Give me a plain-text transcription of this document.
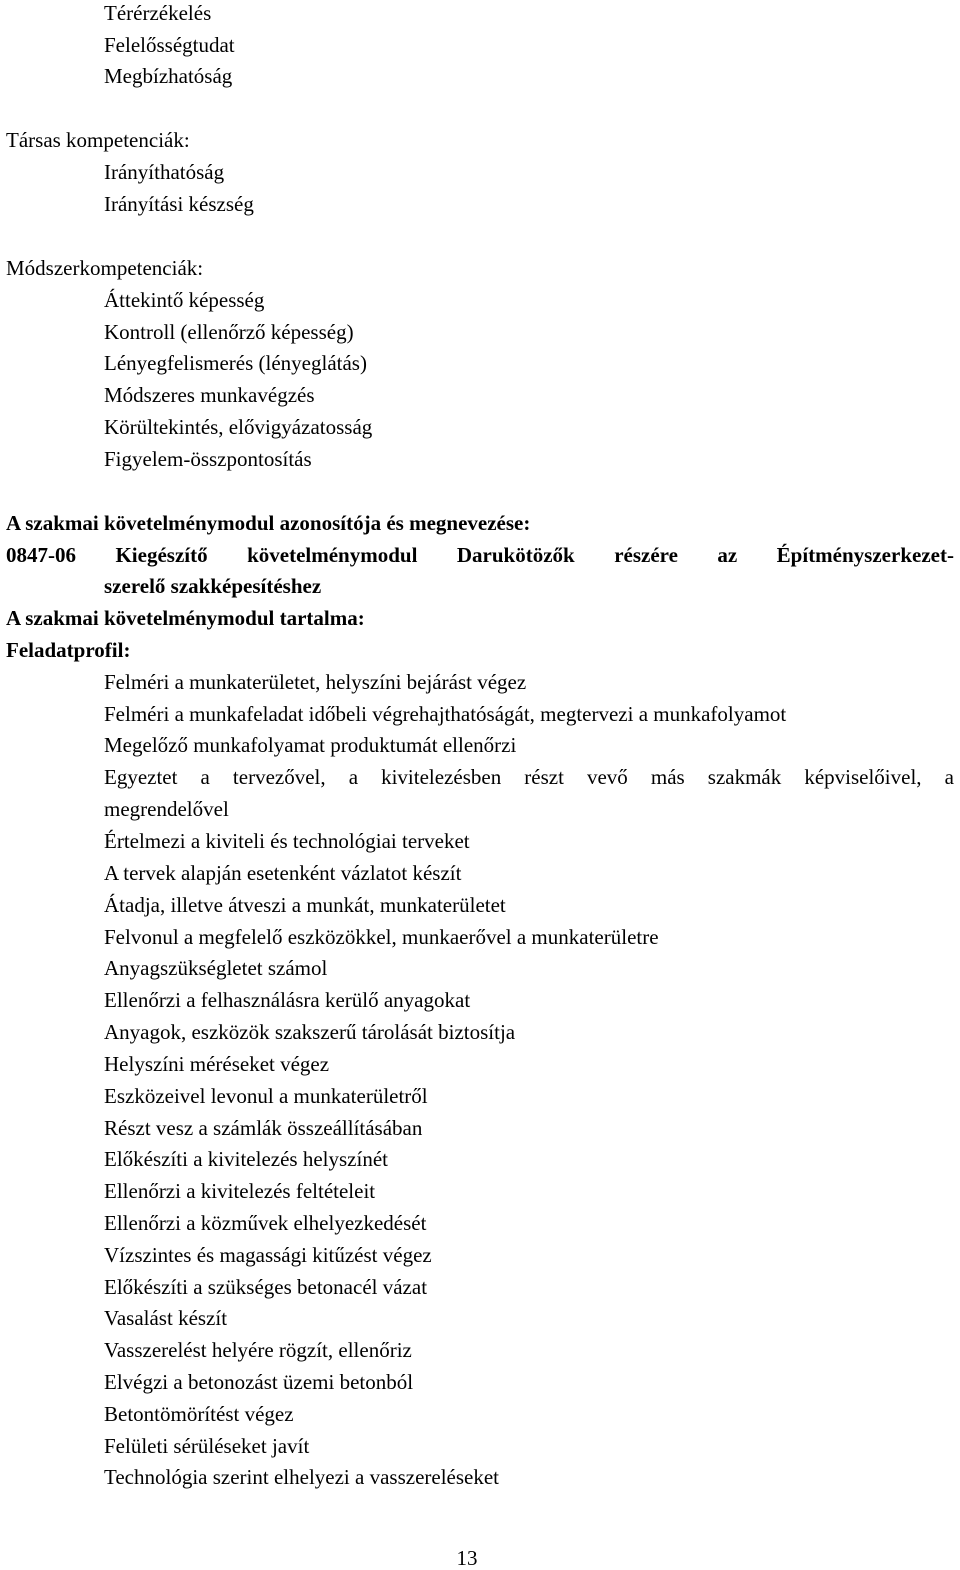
Térérzékelés
Felelősségtudat
Megbízhatóság
Társas kompetenciák:
Irányíthatóság
Irányítási készség
Módszerkompetenciák:
Áttekintő képesség
Kontroll (ellenőrző képesség)
Lényegfelismerés (lényeglátás)
Módszeres munkavégzés
Körültekintés, elővigyázatosság
Figyelem-összpontosítás
A szakmai követelménymodul azonosítója és megnevezése:
0847-06 Kiegészítő követelménymodul Darukötözők részére az Építményszerkezet-
szerelő szakképesítéshez
A szakmai követelménymodul tartalma:
Feladatprofil:
Felméri a munkaterületet, helyszíni bejárást végez
Felméri a munkafeladat időbeli végrehajthatóságát, megtervezi a munkafolyamot
Megelőző munkafolyamat produktumát ellenőrzi
Egyeztet a tervezővel, a kivitelezésben részt vevő más szakmák képviselőivel, a
megrendelővel
Értelmezi a kiviteli és technológiai terveket
A tervek alapján esetenként vázlatot készít
Átadja, illetve átveszi a munkát, munkaterületet
Felvonul a megfelelő eszközökkel, munkaerővel a munkaterületre
Anyagszükségletet számol
Ellenőrzi a felhasználásra kerülő anyagokat
Anyagok, eszközök szakszerű tárolását biztosítja
Helyszíni méréseket végez
Eszközeivel levonul a munkaterületről
Részt vesz a számlák összeállításában
Előkészíti a kivitelezés helyszínét
Ellenőrzi a kivitelezés feltételeit
Ellenőrzi a közművek elhelyezkedését
Vízszintes és magassági kitűzést végez
Előkészíti a szükséges betonacél vázat
Vasalást készít
Vasszerelést helyére rögzít, ellenőriz
Elvégzi a betonozást üzemi betonból
Betontömörítést végez
Felületi sérüléseket javít
Technológia szerint elhelyezi a vasszereléseket
13
